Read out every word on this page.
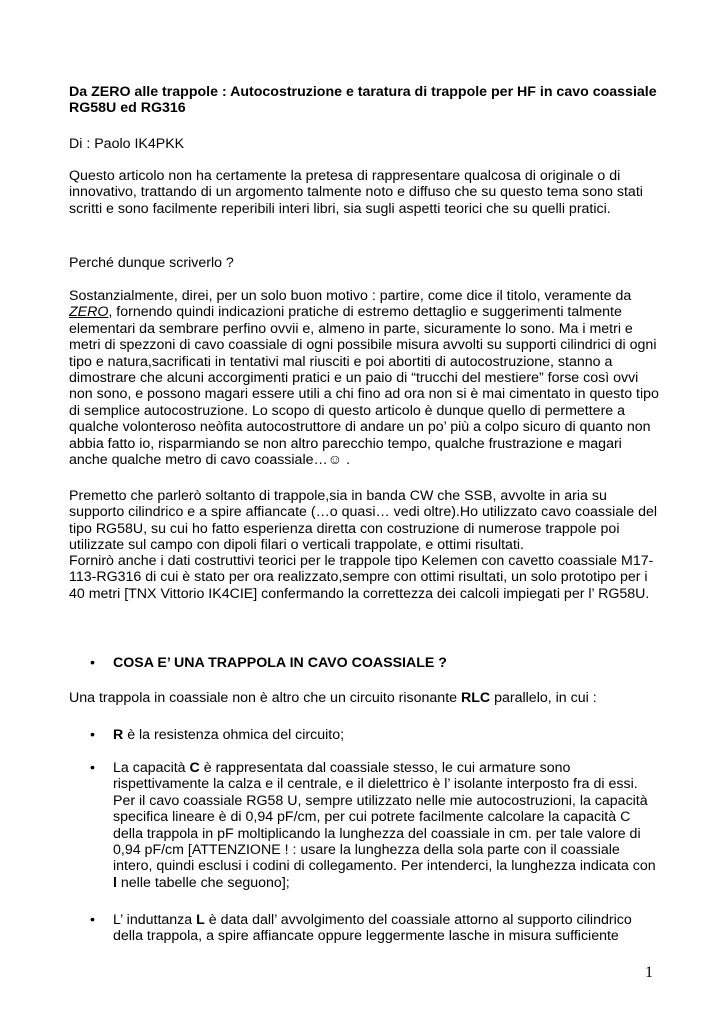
Da ZERO alle trappole : Autocostruzione e taratura di trappole per HF in cavo coassiale RG58U ed RG316

Di : Paolo IK4PKK

Questo articolo non ha certamente la pretesa di rappresentare qualcosa di originale o di innovativo, trattando di un argomento talmente noto e diffuso che su questo tema sono stati scritti e sono facilmente reperibili interi libri, sia sugli aspetti teorici che su quelli pratici.

Perché dunque scriverlo ?

Sostanzialmente, direi, per un solo buon motivo : partire, come dice il titolo, veramente da ZERO, fornendo quindi indicazioni pratiche di estremo dettaglio e suggerimenti talmente elementari da sembrare perfino ovvii e, almeno in parte, sicuramente lo sono. Ma i metri e metri di spezzoni di cavo coassiale di ogni possibile misura avvolti su supporti cilindrici di ogni tipo e natura,sacrificati in tentativi mal riusciti e poi abortiti di autocostruzione, stanno a dimostrare che alcuni accorgimenti pratici e un paio di “trucchi del mestiere” forse così ovvi non sono, e possono magari essere utili a chi fino ad ora non si è mai cimentato in questo tipo di semplice autocostruzione. Lo scopo di questo articolo è dunque quello di permettere a qualche volonteroso neòfita autocostruttore di andare un po’ più a colpo sicuro di quanto non abbia fatto io, risparmiando se non altro parecchio tempo, qualche frustrazione e magari anche qualche metro di cavo coassiale…☺ .

Premetto che parlerò soltanto di trappole,sia in banda CW che SSB, avvolte in aria su supporto cilindrico e a spire affiancate (…o quasi… vedi oltre).Ho utilizzato cavo coassiale del tipo RG58U, su cui ho fatto esperienza diretta con costruzione di numerose trappole poi utilizzate sul campo con dipoli filari o verticali trappolate, e ottimi risultati.

Fornirò anche i dati costruttivi teorici per le trappole tipo Kelemen con cavetto coassiale M17-113-RG316 di cui è stato per ora realizzato,sempre con ottimi risultati, un solo prototipo per i 40 metri [TNX Vittorio IK4CIE] confermando la correttezza dei calcoli impiegati per l’ RG58U.

• COSA E’ UNA TRAPPOLA IN CAVO COASSIALE ?

Una trappola in coassiale non è altro che un circuito risonante RLC parallelo, in cui :

• R è la resistenza ohmica del circuito;

• La capacità C è rappresentata dal coassiale stesso, le cui armature sono rispettivamente la calza e il centrale, e il dielettrico è l’ isolante interposto fra di essi. Per il cavo coassiale RG58 U, sempre utilizzato nelle mie autocostruzioni, la capacità specifica lineare è di 0,94 pF/cm, per cui potrete facilmente calcolare la capacità C della trappola in pF moltiplicando la lunghezza del coassiale in cm. per tale valore di 0,94 pF/cm [ATTENZIONE ! : usare la lunghezza della sola parte con il coassiale intero, quindi esclusi i codini di collegamento. Per intenderci, la lunghezza indicata con l nelle tabelle che seguono];

• L’ induttanza L è data dall’ avvolgimento del coassiale attorno al supporto cilindrico della trappola, a spire affiancate oppure leggermente lasche in misura sufficiente

1
